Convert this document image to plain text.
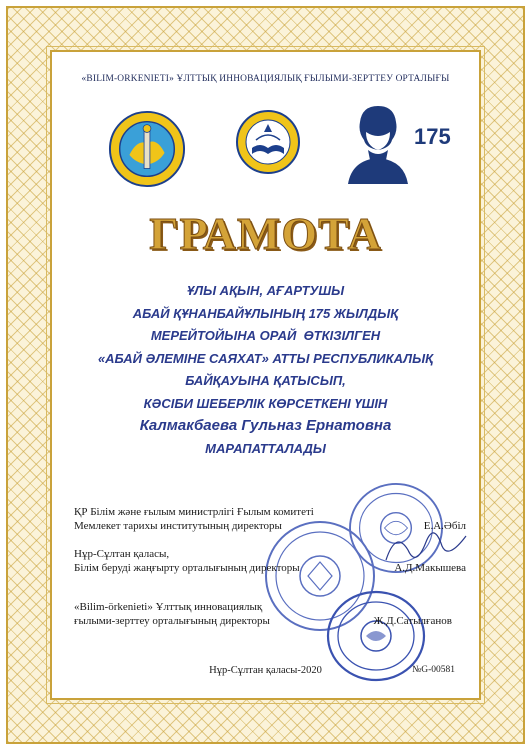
«BILIM-ORKENIETI» ҰЛТТЫҚ ИННОВАЦИЯЛЫҚ ҒЫЛЫМИ-ЗЕРТТЕУ ОРТАЛЫҒЫ
175
ГРАМОТА
ҰЛЫ АҚЫН, АҒАРТУШЫ
АБАЙ ҚҰНАНБАЙҰЛЫНЫҢ 175 ЖЫЛДЫҚ
МЕРЕЙТОЙЫНА ОРАЙ  ӨТКІЗІЛГЕН
«АБАЙ ӘЛЕМІНЕ САЯХАТ» АТТЫ РЕСПУБЛИКАЛЫҚ
БАЙҚАУЫНА ҚАТЫСЫП,
КӘСІБИ ШЕБЕРЛІК КӨРСЕТКЕНІ ҮШІН
Калмакбаева Гульназ Ернатовна
МАРАПАТТАЛАДЫ
ҚР Білім және ғылым министрлігі Ғылым комитеті
Мемлекет тарихы институтының директоры	Е.А.Әбіл
Нұр-Сұлтан қаласы,
Білім беруді жаңғырту орталығының директоры	А.Д.Макышева
«Bilim-örkenieti» Ұлттық инновациялық
ғылыми-зерттеу орталығының директоры	Ж.Д.Сатылғанов
Нұр-Сұлтан қаласы-2020	№G-00581
